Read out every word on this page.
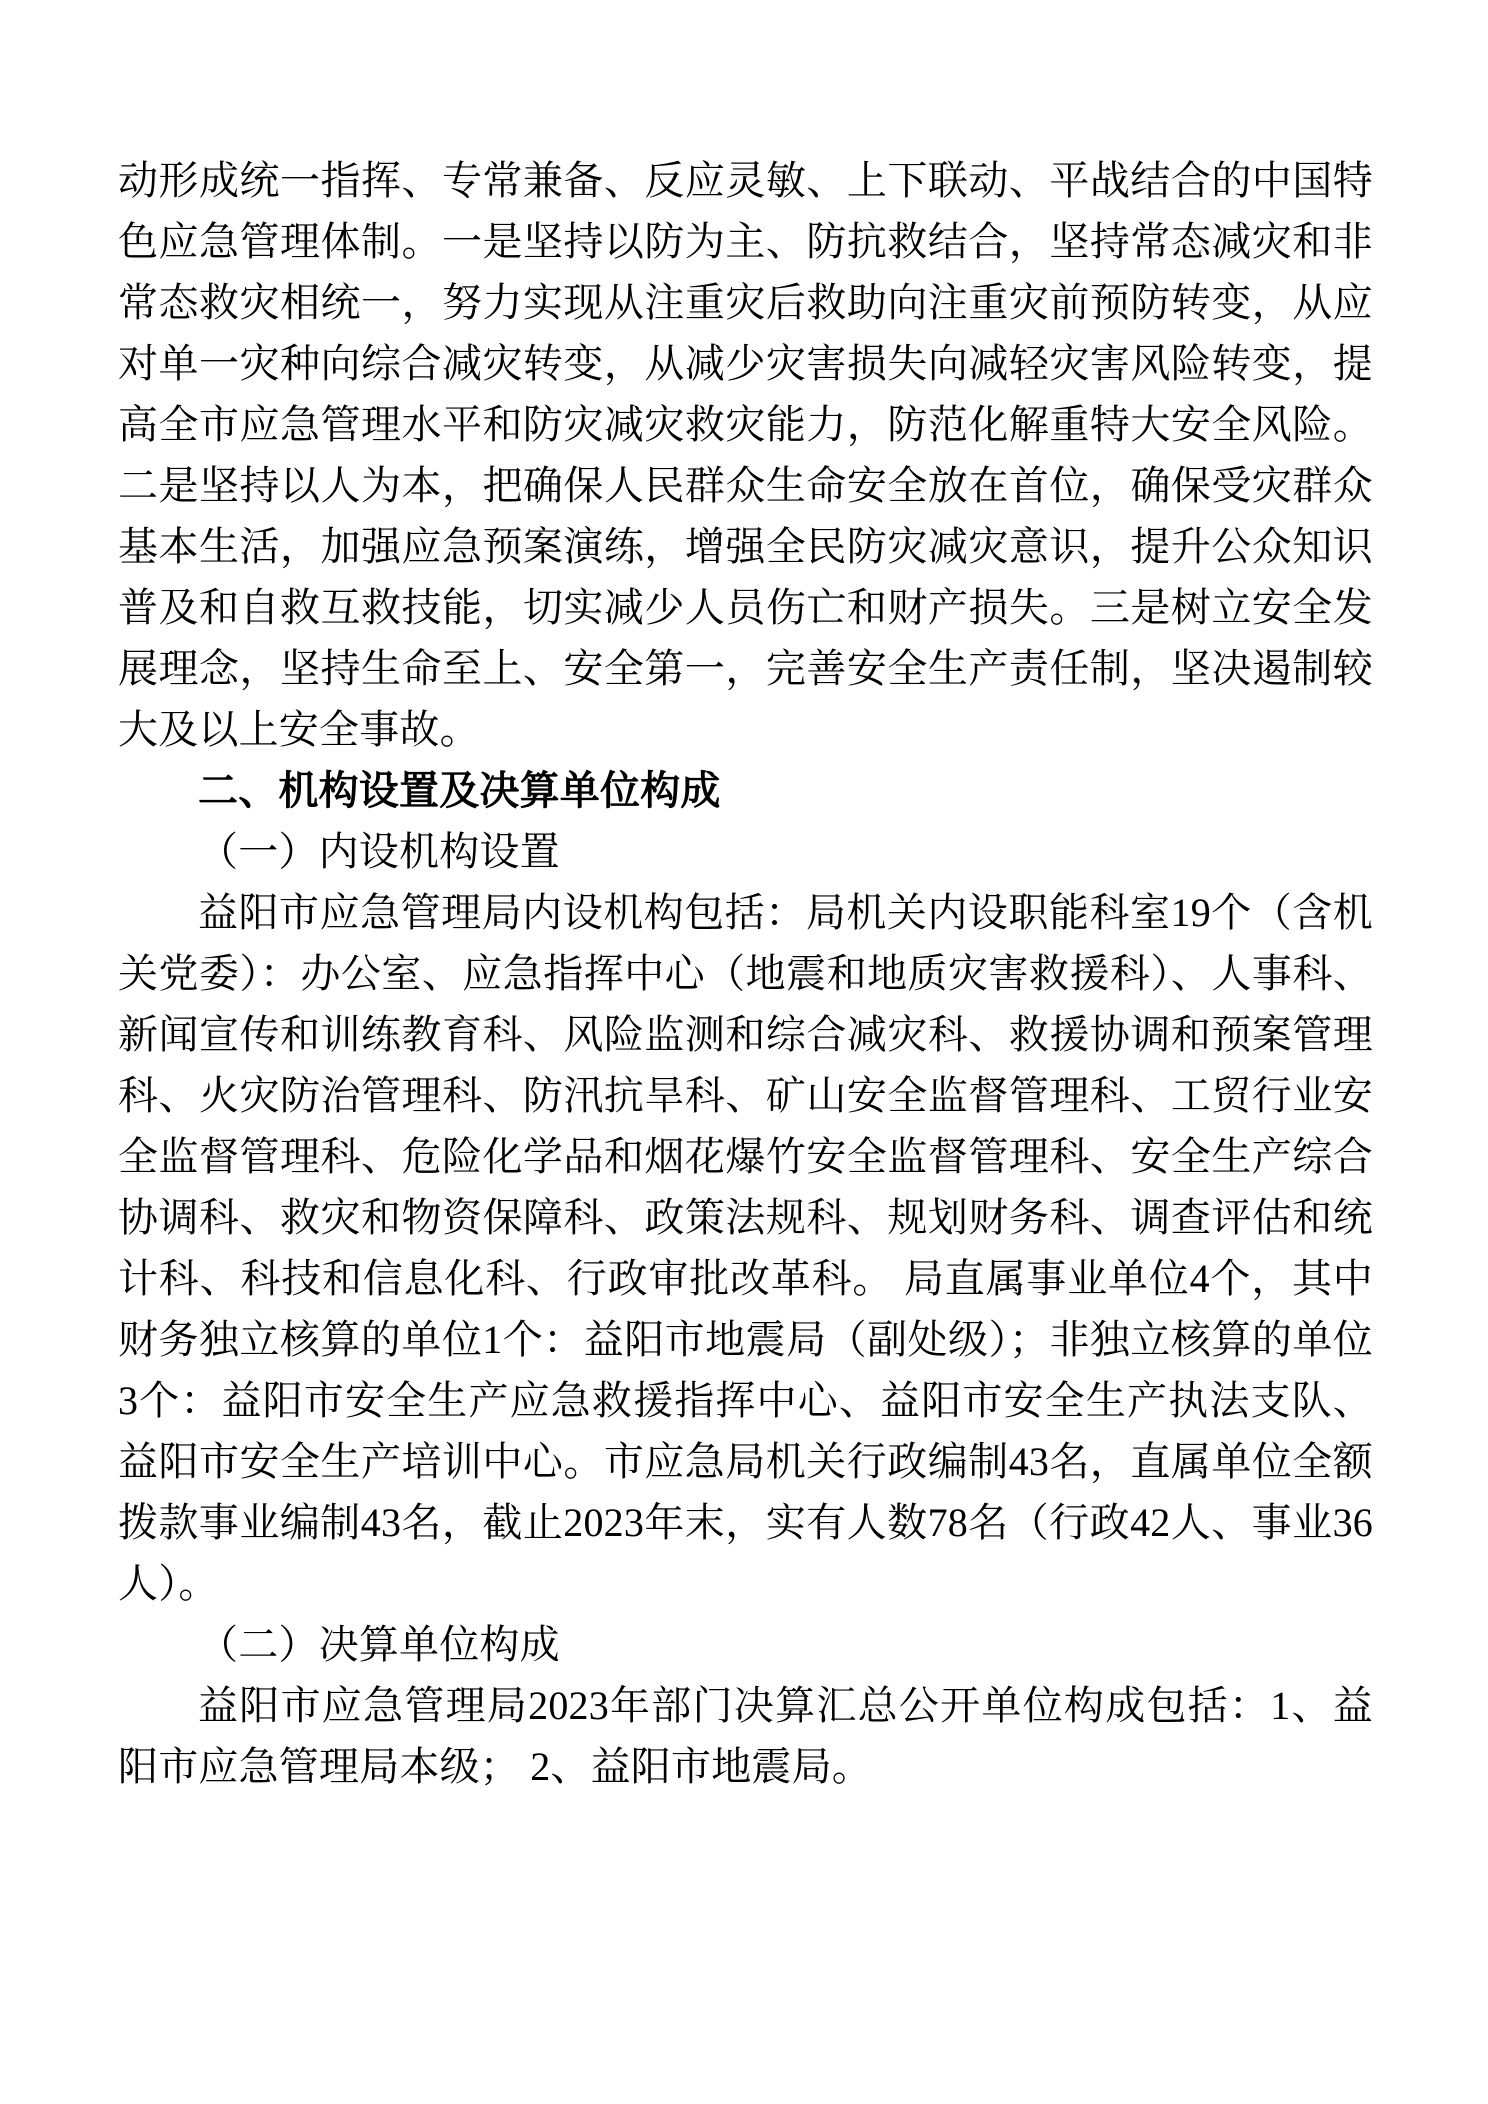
动形成统一指挥、专常兼备、反应灵敏、上下联动、平战结合的中国特色应急管理体制。一是坚持以防为主、防抗救结合，坚持常态减灾和非常态救灾相统一，努力实现从注重灾后救助向注重灾前预防转变，从应对单一灾种向综合减灾转变，从减少灾害损失向减轻灾害风险转变，提高全市应急管理水平和防灾减灾救灾能力，防范化解重特大安全风险。二是坚持以人为本，把确保人民群众生命安全放在首位，确保受灾群众基本生活，加强应急预案演练，增强全民防灾减灾意识，提升公众知识普及和自救互救技能，切实减少人员伤亡和财产损失。三是树立安全发展理念，坚持生命至上、安全第一，完善安全生产责任制，坚决遏制较大及以上安全事故。

二、机构设置及决算单位构成

（一）内设机构设置

益阳市应急管理局内设机构包括：局机关内设职能科室19个（含机关党委）：办公室、应急指挥中心（地震和地质灾害救援科）、人事科、新闻宣传和训练教育科、风险监测和综合减灾科、救援协调和预案管理科、火灾防治管理科、防汛抗旱科、矿山安全监督管理科、工贸行业安全监督管理科、危险化学品和烟花爆竹安全监督管理科、安全生产综合协调科、救灾和物资保障科、政策法规科、规划财务科、调查评估和统计科、科技和信息化科、行政审批改革科。 局直属事业单位4个，其中财务独立核算的单位1个：益阳市地震局（副处级）；非独立核算的单位3个：益阳市安全生产应急救援指挥中心、益阳市安全生产执法支队、益阳市安全生产培训中心。市应急局机关行政编制43名，直属单位全额拨款事业编制43名，截止2023年末，实有人数78名（行政42人、事业36人）。

（二）决算单位构成

益阳市应急管理局2023年部门决算汇总公开单位构成包括：1、益阳市应急管理局本级； 2、益阳市地震局。
